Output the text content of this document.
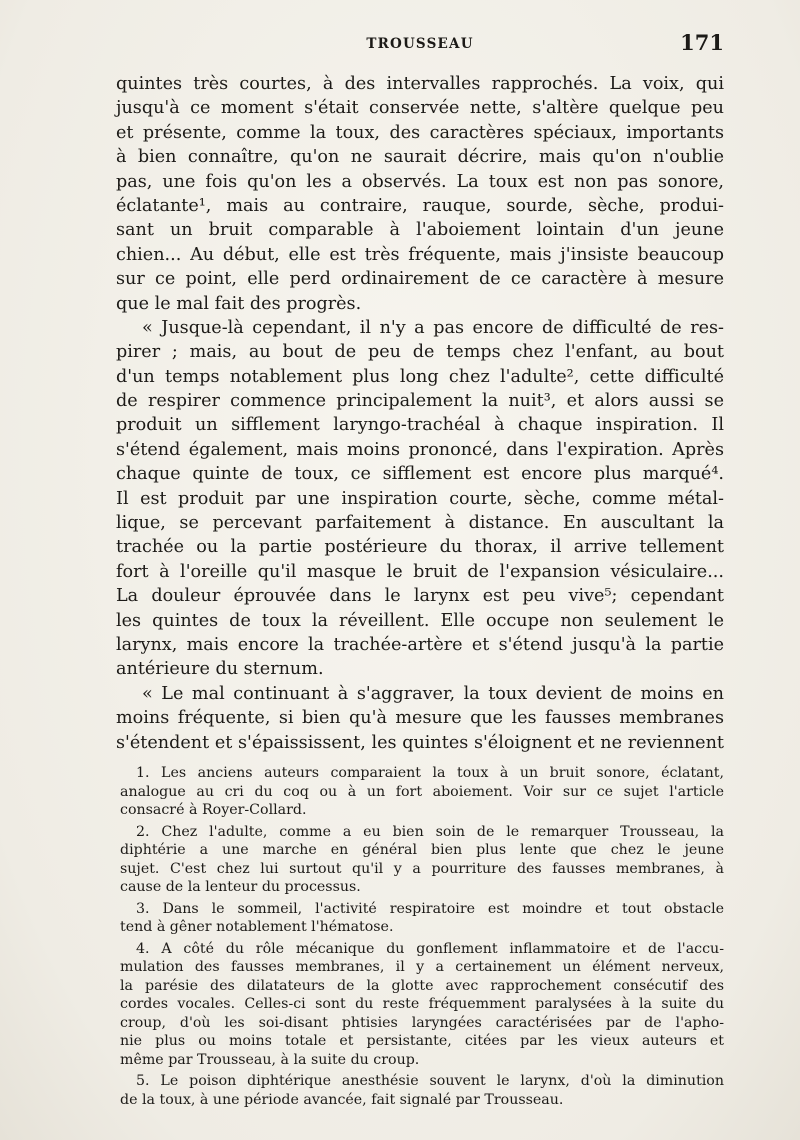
TROUSSEAU	171
quintes très courtes, à des intervalles rapprochés. La voix, qui
jusqu'à ce moment s'était conservée nette, s'altère quelque peu
et présente, comme la toux, des caractères spéciaux, importants
à bien connaître, qu'on ne saurait décrire, mais qu'on n'oublie
pas, une fois qu'on les a observés. La toux est non pas sonore,
éclatante¹, mais au contraire, rauque, sourde, sèche, produi-
sant un bruit comparable à l'aboiement lointain d'un jeune
chien... Au début, elle est très fréquente, mais j'insiste beaucoup
sur ce point, elle perd ordinairement de ce caractère à mesure
que le mal fait des progrès.
« Jusque-là cependant, il n'y a pas encore de difficulté de res-
pirer ; mais, au bout de peu de temps chez l'enfant, au bout
d'un temps notablement plus long chez l'adulte², cette difficulté
de respirer commence principalement la nuit³, et alors aussi se
produit un sifflement laryngo-trachéal à chaque inspiration. Il
s'étend également, mais moins prononcé, dans l'expiration. Après
chaque quinte de toux, ce sifflement est encore plus marqué⁴.
Il est produit par une inspiration courte, sèche, comme métal-
lique, se percevant parfaitement à distance. En auscultant la
trachée ou la partie postérieure du thorax, il arrive tellement
fort à l'oreille qu'il masque le bruit de l'expansion vésiculaire...
La douleur éprouvée dans le larynx est peu vive⁵; cependant
les quintes de toux la réveillent. Elle occupe non seulement le
larynx, mais encore la trachée-artère et s'étend jusqu'à la partie
antérieure du sternum.
« Le mal continuant à s'aggraver, la toux devient de moins en
moins fréquente, si bien qu'à mesure que les fausses membranes
s'étendent et s'épaississent, les quintes s'éloignent et ne reviennent
1. Les anciens auteurs comparaient la toux à un bruit sonore, éclatant,
analogue au cri du coq ou à un fort aboiement. Voir sur ce sujet l'article
consacré à Royer-Collard.
2. Chez l'adulte, comme a eu bien soin de le remarquer Trousseau, la
diphtérie a une marche en général bien plus lente que chez le jeune
sujet. C'est chez lui surtout qu'il y a pourriture des fausses membranes, à
cause de la lenteur du processus.
3. Dans le sommeil, l'activité respiratoire est moindre et tout obstacle
tend à gêner notablement l'hématose.
4. A côté du rôle mécanique du gonflement inflammatoire et de l'accu-
mulation des fausses membranes, il y a certainement un élément nerveux,
la parésie des dilatateurs de la glotte avec rapprochement consécutif des
cordes vocales. Celles-ci sont du reste fréquemment paralysées à la suite du
croup, d'où les soi-disant phtisies laryngées caractérisées par de l'apho-
nie plus ou moins totale et persistante, citées par les vieux auteurs et
même par Trousseau, à la suite du croup.
5. Le poison diphtérique anesthésie souvent le larynx, d'où la diminution
de la toux, à une période avancée, fait signalé par Trousseau.
